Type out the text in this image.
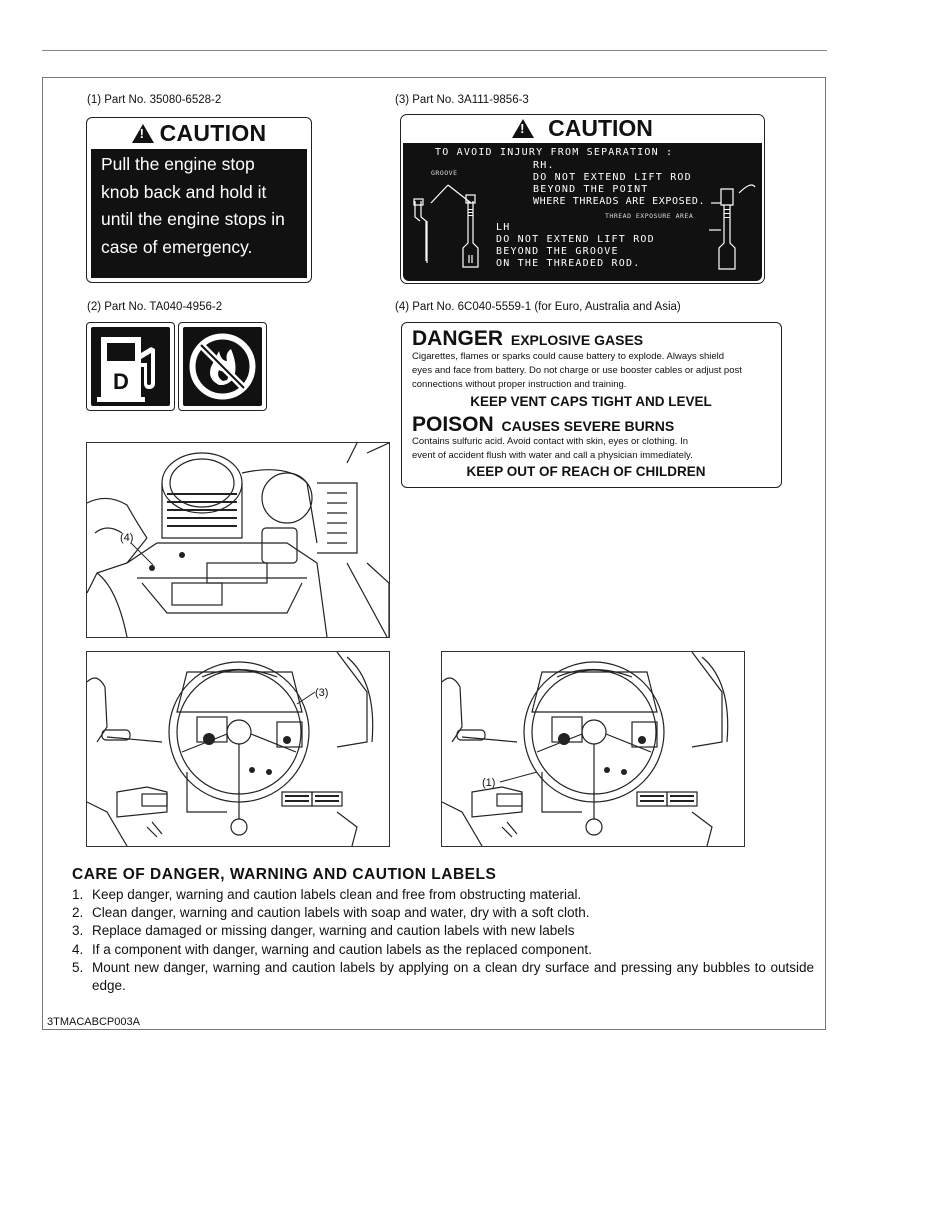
(1) Part No. 35080-6528-2
!
CAUTION
Pull the engine stop
knob back and hold it
until the engine stops in
case of emergency.
(3) Part No. 3A111-9856-3
!
CAUTION
TO AVOID INJURY FROM SEPARATION :
GROOVE
RH.
DO NOT EXTEND LIFT ROD
BEYOND THE POINT
WHERE THREADS ARE EXPOSED.
THREAD EXPOSURE AREA
LH
DO NOT EXTEND LIFT ROD
BEYOND THE GROOVE
ON THE THREADED ROD.
(2) Part No. TA040-4956-2
D
(4) Part No. 6C040-5559-1 (for Euro, Australia and Asia)
DANGER EXPLOSIVE GASES
Cigarettes, flames or sparks could cause battery to explode. Always shield
eyes and face from battery. Do not charge or use booster cables or adjust post
connections without proper instruction and training.
KEEP VENT CAPS TIGHT AND LEVEL
POISON CAUSES SEVERE BURNS
Contains sulfuric acid. Avoid contact with skin, eyes or clothing. In
event of accident flush with water and call a physician immediately.
KEEP OUT OF REACH OF CHILDREN
(4)
(3)
(1)
CARE OF DANGER, WARNING AND CAUTION LABELS
1. Keep danger, warning and caution labels clean and free from obstructing material.
2. Clean danger, warning and caution labels with soap and water, dry with a soft cloth.
3. Replace damaged or missing danger, warning and caution labels with new labels
4. If a component with danger, warning and caution labels as the replaced component.
5. Mount new danger, warning and caution labels by applying on a clean dry surface and pressing any bubbles to outside edge.
3TMACABCP003A
